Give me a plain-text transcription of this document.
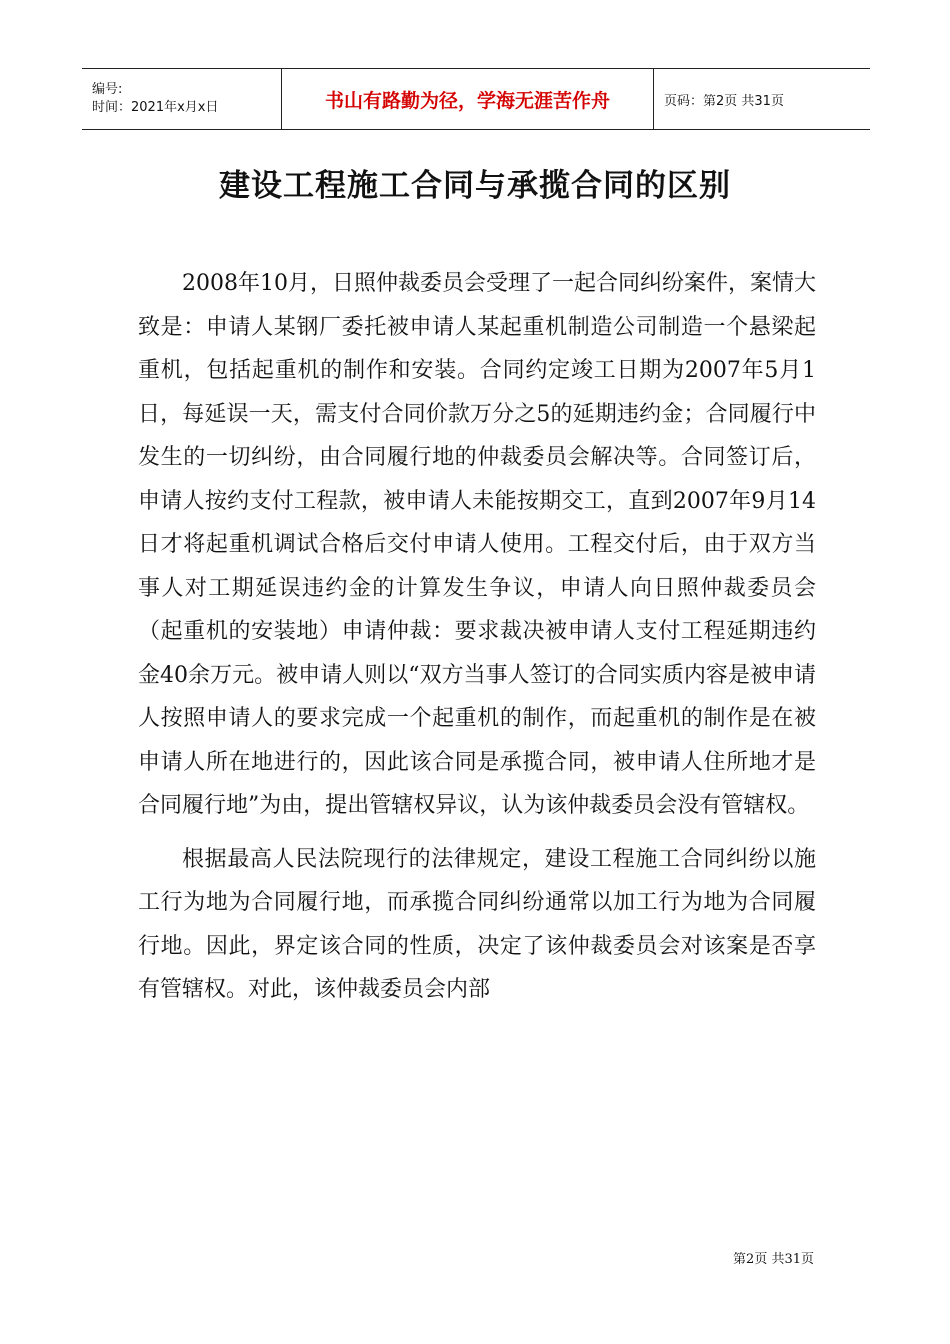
编号:
时间：2021年x月x日	书山有路勤为径，学海无涯苦作舟	页码：第2页 共31页
建设工程施工合同与承揽合同的区别

2008年10月，日照仲裁委员会受理了一起合同纠纷案件，案情大致是：申请人某钢厂委托被申请人某起重机制造公司制造一个悬梁起重机，包括起重机的制作和安装。合同约定竣工日期为2007年5月1日，每延误一天，需支付合同价款万分之5的延期违约金；合同履行中发生的一切纠纷，由合同履行地的仲裁委员会解决等。合同签订后，申请人按约支付工程款，被申请人未能按期交工，直到2007年9月14日才将起重机调试合格后交付申请人使用。工程交付后，由于双方当事人对工期延误违约金的计算发生争议，申请人向日照仲裁委员会（起重机的安装地）申请仲裁：要求裁决被申请人支付工程延期违约金40余万元。被申请人则以“双方当事人签订的合同实质内容是被申请人按照申请人的要求完成一个起重机的制作，而起重机的制作是在被申请人所在地进行的，因此该合同是承揽合同，被申请人住所地才是合同履行地”为由，提出管辖权异议，认为该仲裁委员会没有管辖权。

根据最高人民法院现行的法律规定，建设工程施工合同纠纷以施工行为地为合同履行地，而承揽合同纠纷通常以加工行为地为合同履行地。因此，界定该合同的性质，决定了该仲裁委员会对该案是否享有管辖权。对此，该仲裁委员会内部

第2页 共31页
